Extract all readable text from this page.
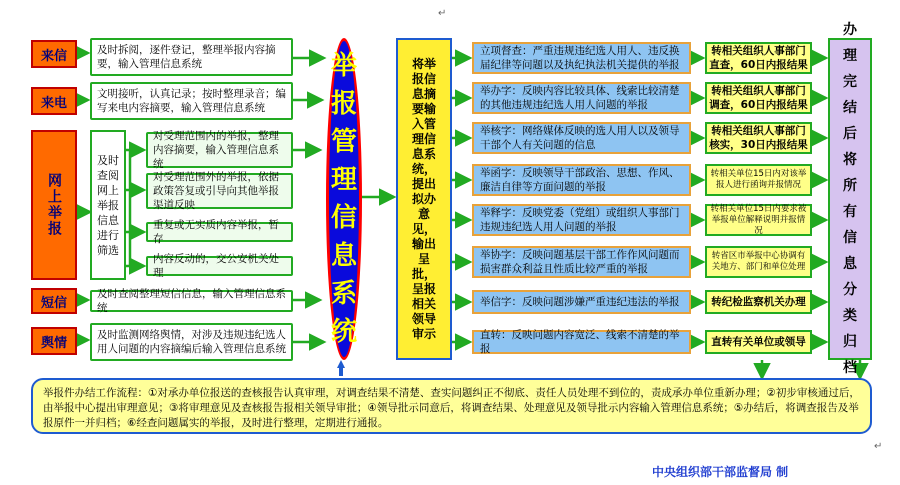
来信
来电
网上举报
短信
舆情
及时拆阅，逐件登记，整理举报内容摘要，输入管理信息系统
文明接听，认真记录；按时整理录音；编写来电内容摘要，输入管理信息系统
及时查阅网上举报信息进行筛选
对受理范围内的举报，整理内容摘要，输入管理信息系统
对受理范围外的举报，依据政策答复或引导向其他举报渠道反映
重复或无实质内容举报，暂存
内容反动的，交公安机关处理
及时查阅整理短信信息，输入管理信息系统
及时监测网络舆情，对涉及违规违纪选人用人问题的内容摘编后输入管理信息系统
举报管理信息系统
将举报信息摘要输入管理信息系统，提出拟办意见，输出呈批，呈报相关领导审示
立项督查：严重违规违纪选人用人、违反换届纪律等问题以及执纪执法机关提供的举报
举办字：反映内容比较具体、线索比较清楚的其他违规违纪选人用人问题的举报
举核字：网络媒体反映的选人用人以及领导干部个人有关问题的信息
举函字：反映领导干部政治、思想、作风、廉洁自律等方面问题的举报
举释字：反映党委（党组）或组织人事部门违规违纪选人用人问题的举报
举协字：反映问题基层干部工作作风问题而损害群众利益且性质比较严重的举报
举信字：反映问题涉嫌严重违纪违法的举报
直转：反映问题内容宽泛、线索不清楚的举报
转相关组织人事部门直查，60日内报结果
转相关组织人事部门调查，60日内报结果
转相关组织人事部门核实，30日内报结果
转相关单位15日内对该举报人进行函询并报情况
转相关单位15日内要求被举报单位解释说明并报情况
转省区市举报中心协调有关地方、部门和单位处理
转纪检监察机关办理
直转有关单位或领导
办理完结后将所有信息分类归档
举报件办结工作流程：①对承办单位报送的查核报告认真审理，对调查结果不清楚、查实问题纠正不彻底、责任人员处理不到位的，责成承办单位重新办理；②初步审核通过后，由举报中心提出审理意见；③将审理意见及查核报告报相关领导审批；④领导批示同意后，将调查结果、处理意见及领导批示内容输入管理信息系统；⑤办结后，将调查报告及举报原件一并归档；⑥经查问题属实的举报，及时进行整理，定期进行通报。
中央组织部干部监督局 制
↵
↵
